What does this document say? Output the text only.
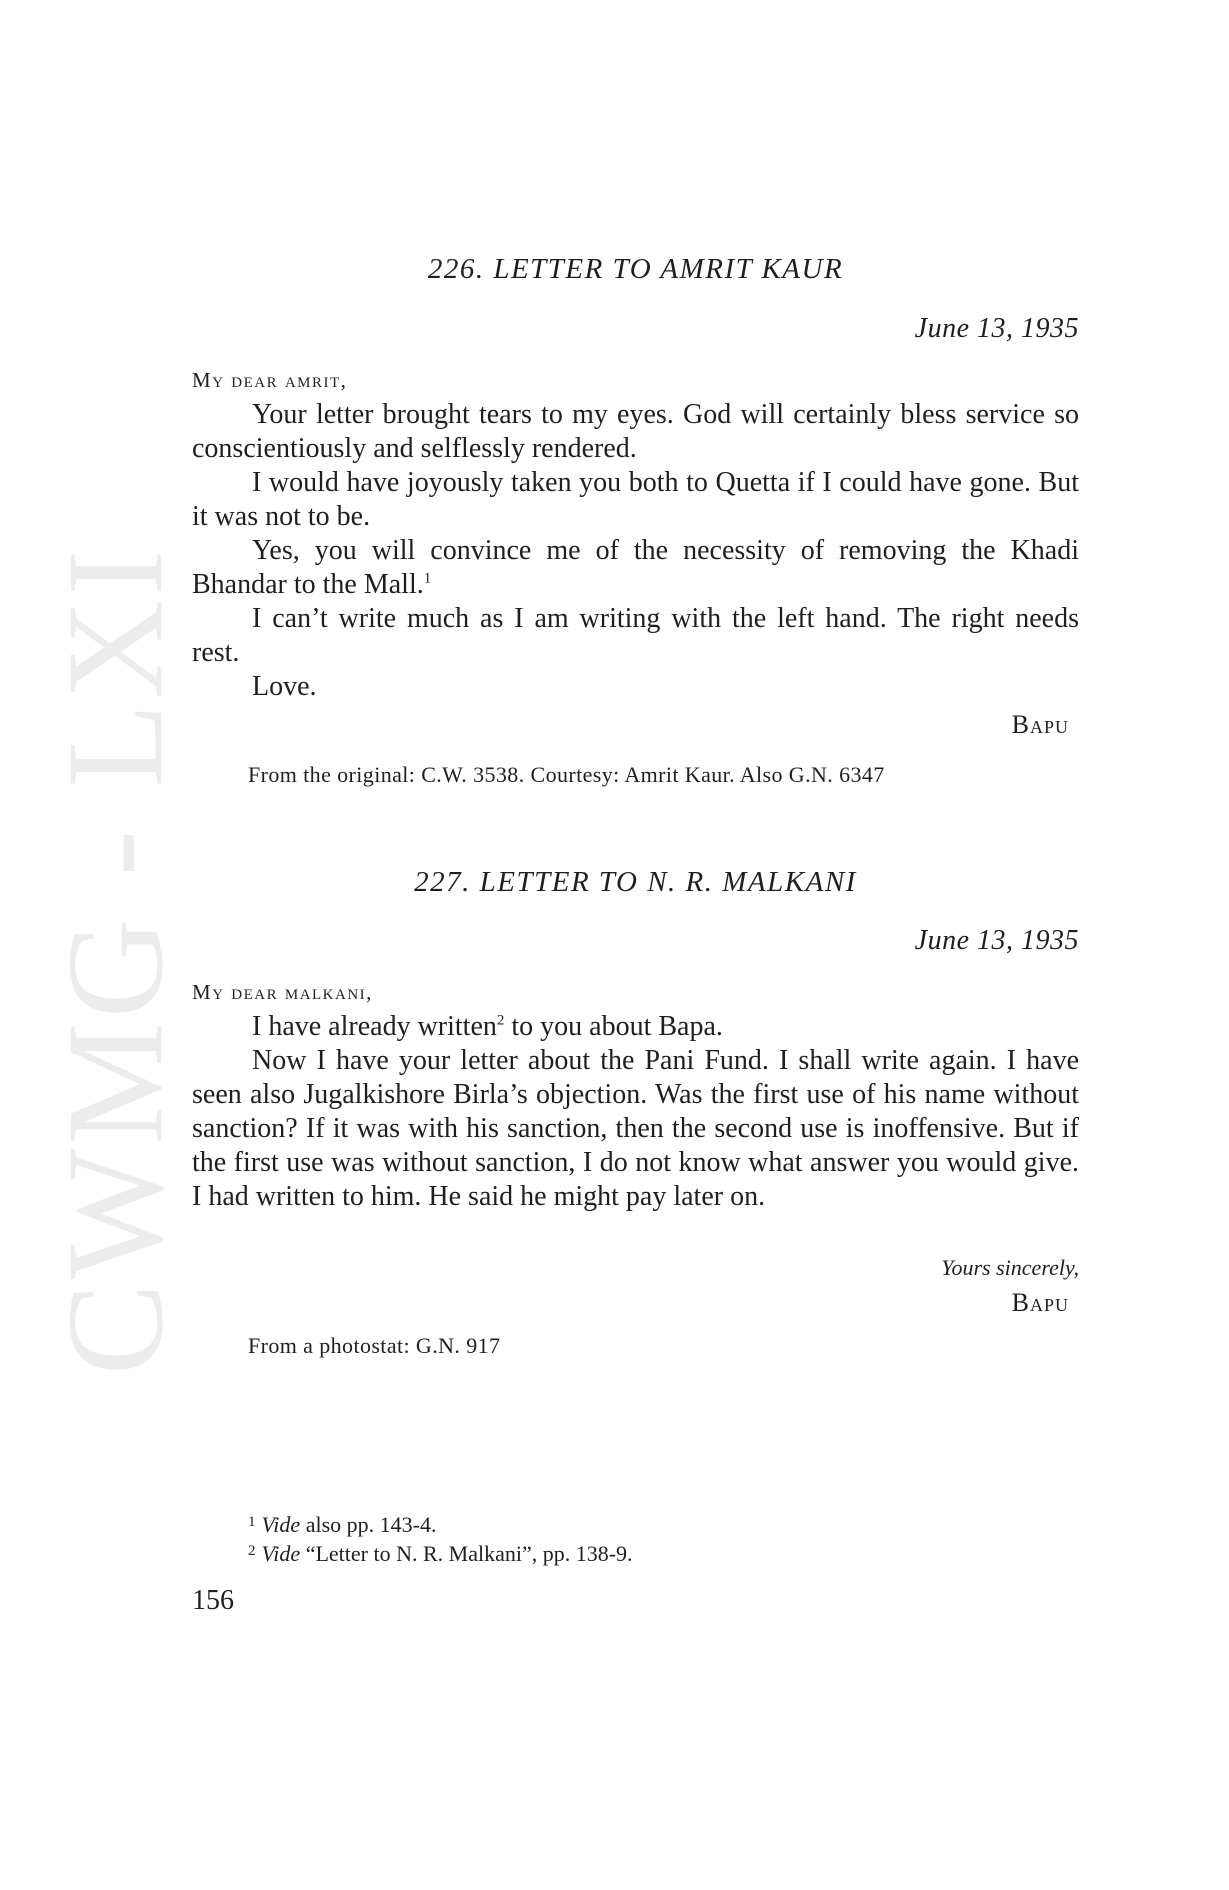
CWMG - LXI
226. LETTER TO AMRIT KAUR
June 13, 1935
My dear amrit,

Your letter brought tears to my eyes. God will certainly bless service so conscientiously and selflessly rendered.

I would have joyously taken you both to Quetta if I could have gone. But it was not to be.

Yes, you will convince me of the necessity of removing the Khadi Bhandar to the Mall.$^1$

I can’t write much as I am writing with the left hand. The right needs rest.

Love.

Bapu
From the original: C.W. 3538. Courtesy: Amrit Kaur. Also G.N. 6347
227. LETTER TO N. R. MALKANI
June 13, 1935
My dear malkani,

I have already written$^2$ to you about Bapa.

Now I have your letter about the Pani Fund. I shall write again. I have seen also Jugalkishore Birla’s objection. Was the first use of his name without sanction? If it was with his sanction, then the second use is inoffensive. But if the first use was without sanction, I do not know what answer you would give. I had written to him. He said he might pay later on.

Yours sincerely,
Bapu
From a photostat: G.N. 917
$^1$ Vide also pp. 143-4.
$^2$ Vide “Letter to N. R. Malkani”, pp. 138-9.
156
